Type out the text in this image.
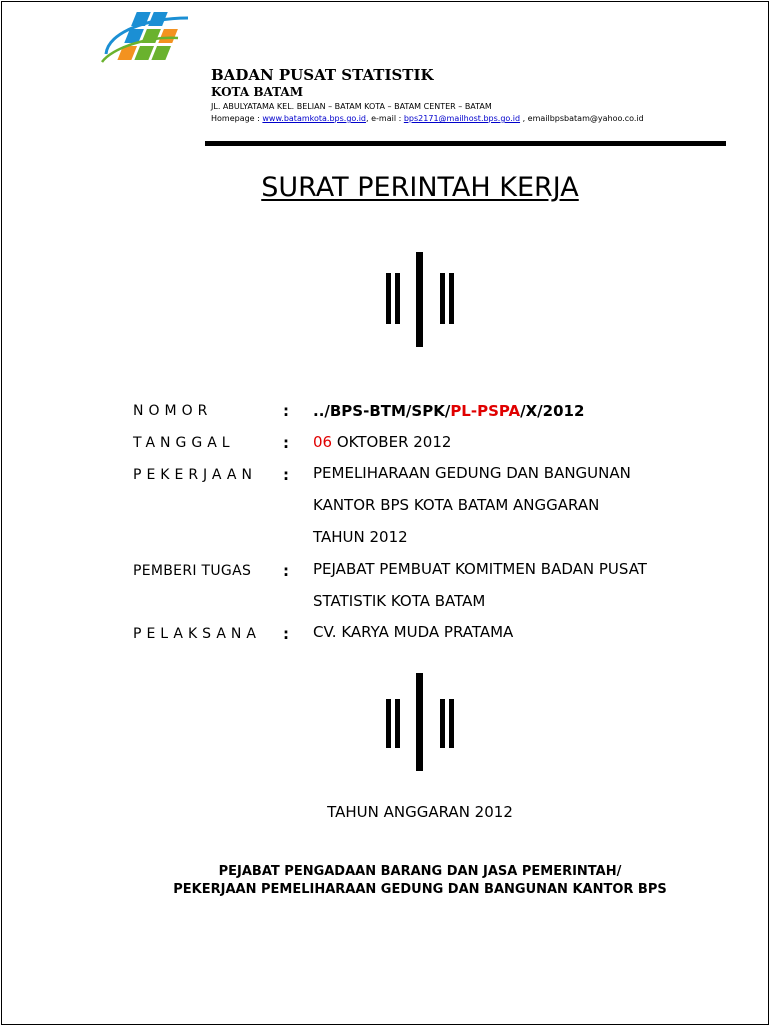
BADAN PUSAT STATISTIK
KOTA BATAM
JL. ABULYATAMA KEL. BELIAN – BATAM KOTA – BATAM CENTER – BATAM
Homepage : www.batamkota.bps.go.id, e-mail : bps2171@mailhost.bps.go.id , emailbpsbatam@yahoo.co.id
SURAT PERINTAH KERJA
NOMOR	: ../BPS-BTM/SPK/PL-PSPA/X/2012
TANGGAL	: 06 OKTOBER 2012
PEKERJAAN : PEMELIHARAAN GEDUNG DAN BANGUNAN
KANTOR BPS KOTA BATAM ANGGARAN
TAHUN 2012
PEMBERI TUGAS : PEJABAT PEMBUAT KOMITMEN BADAN PUSAT
STATISTIK KOTA BATAM
PELAKSANA : CV. KARYA MUDA PRATAMA
TAHUN ANGGARAN 2012
PEJABAT PENGADAAN BARANG DAN JASA PEMERINTAH/
PEKERJAAN PEMELIHARAAN GEDUNG DAN BANGUNAN KANTOR BPS
